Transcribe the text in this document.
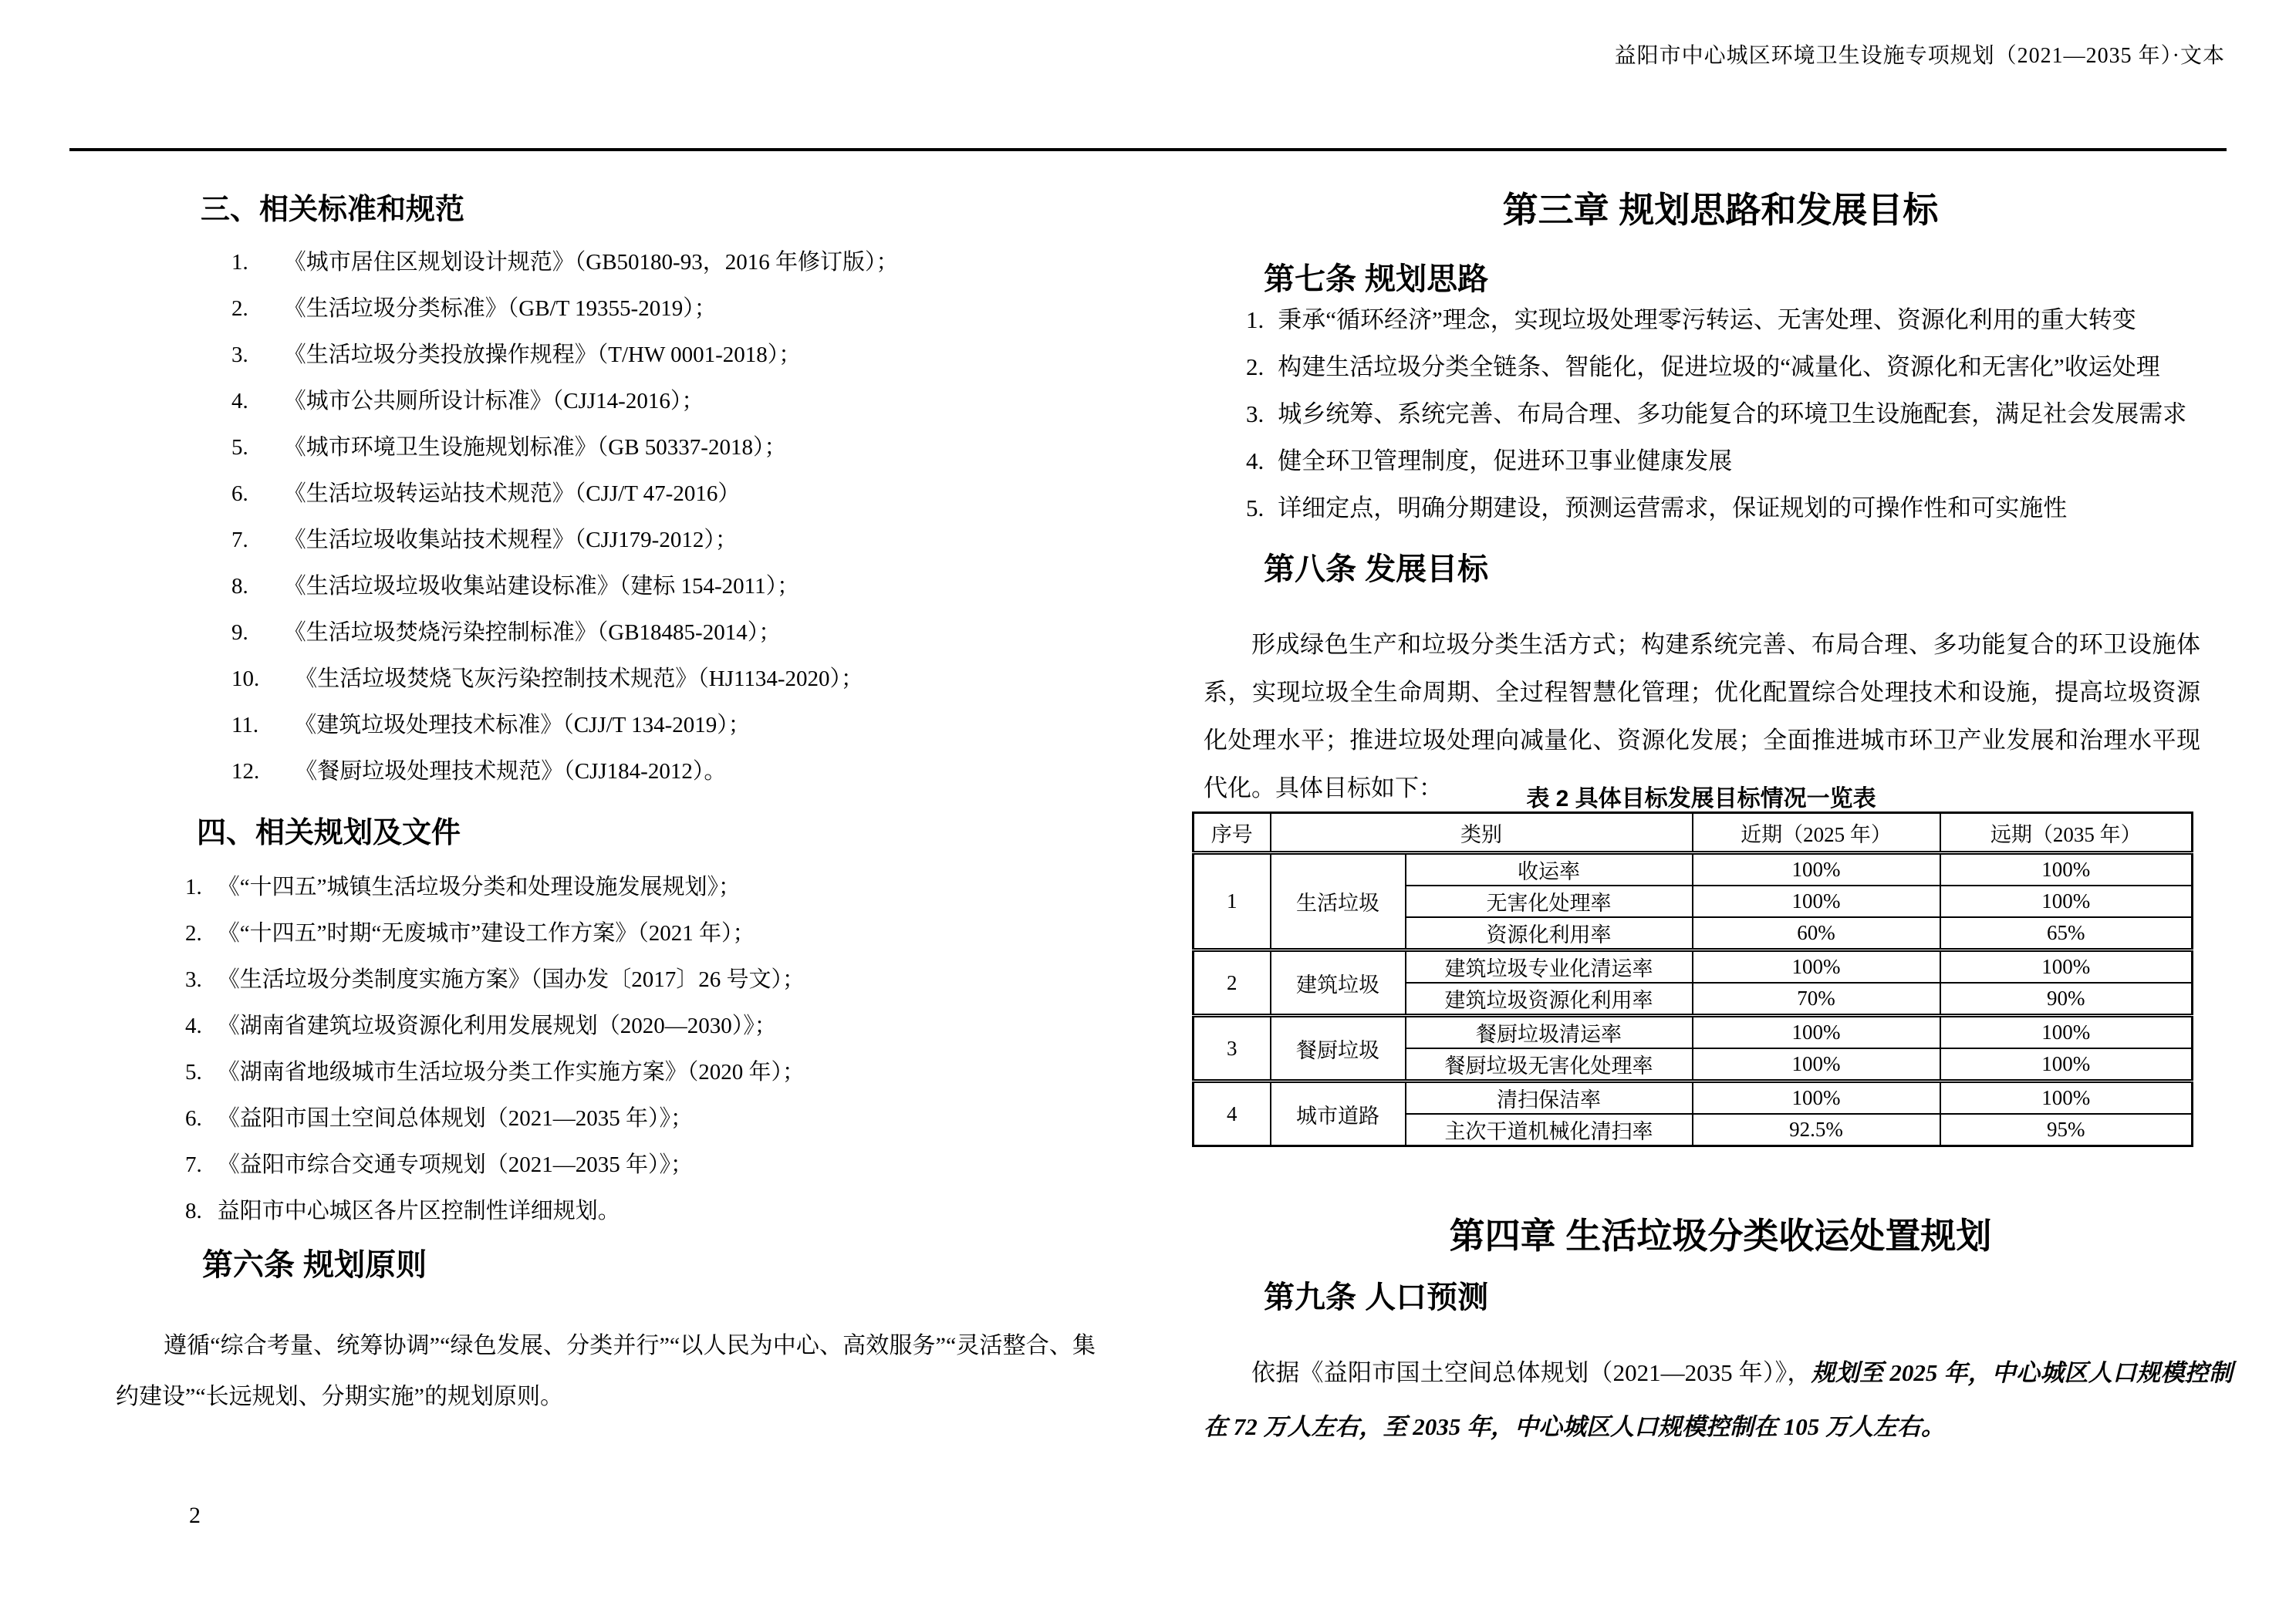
益阳市中心城区环境卫生设施专项规划（2021—2035 年）·文本
三、相关标准和规范
1. 《城市居住区规划设计规范》（GB50180-93，2016 年修订版）；
2. 《生活垃圾分类标准》（GB/T 19355-2019）；
3. 《生活垃圾分类投放操作规程》（T/HW 0001-2018）；
4. 《城市公共厕所设计标准》（CJJ14-2016）；
5. 《城市环境卫生设施规划标准》（GB 50337-2018）；
6. 《生活垃圾转运站技术规范》（CJJ/T 47-2016）
7. 《生活垃圾收集站技术规程》（CJJ179-2012）；
8. 《生活垃圾垃圾收集站建设标准》（建标 154-2011）；
9. 《生活垃圾焚烧污染控制标准》（GB18485-2014）；
10. 《生活垃圾焚烧飞灰污染控制技术规范》（HJ1134-2020）；
11. 《建筑垃圾处理技术标准》（CJJ/T 134-2019）；
12. 《餐厨垃圾处理技术规范》（CJJ184-2012）。
四、相关规划及文件
1. 《“十四五”城镇生活垃圾分类和处理设施发展规划》；
2. 《“十四五”时期“无废城市”建设工作方案》（2021 年）；
3. 《生活垃圾分类制度实施方案》（国办发〔2017〕26 号文）；
4. 《湖南省建筑垃圾资源化利用发展规划（2020—2030）》；
5. 《湖南省地级城市生活垃圾分类工作实施方案》（2020 年）；
6. 《益阳市国土空间总体规划（2021—2035 年）》；
7. 《益阳市综合交通专项规划（2021—2035 年）》；
8. 益阳市中心城区各片区控制性详细规划。
第六条 规划原则

遵循“综合考量、统筹协调”“绿色发展、分类并行”“以人民为中心、高效服务”“灵活整合、集约建设”“长远规划、分期实施”的规划原则。

第三章 规划思路和发展目标
第七条 规划思路
1. 秉承“循环经济”理念，实现垃圾处理零污转运、无害处理、资源化利用的重大转变
2. 构建生活垃圾分类全链条、智能化，促进垃圾的“减量化、资源化和无害化”收运处理
3. 城乡统筹、系统完善、布局合理、多功能复合的环境卫生设施配套，满足社会发展需求
4. 健全环卫管理制度，促进环卫事业健康发展
5. 详细定点，明确分期建设，预测运营需求，保证规划的可操作性和可实施性
第八条 发展目标

形成绿色生产和垃圾分类生活方式；构建系统完善、布局合理、多功能复合的环卫设施体系，实现垃圾全生命周期、全过程智慧化管理；优化配置综合处理技术和设施，提高垃圾资源化处理水平；推进垃圾处理向减量化、资源化发展；全面推进城市环卫产业发展和治理水平现代化。具体目标如下：	表 2 具体目标发展目标情况一览表
序号	类别		近期（2025 年）	远期（2035 年）
1	生活垃圾	收运率	100%	100%
		无害化处理率	100%	100%
		资源化利用率	60%	65%
2	建筑垃圾	建筑垃圾专业化清运率	100%	100%
		建筑垃圾资源化利用率	70%	90%
3	餐厨垃圾	餐厨垃圾清运率	100%	100%
		餐厨垃圾无害化处理率	100%	100%
4	城市道路	清扫保洁率	100%	100%
		主次干道机械化清扫率	92.5%	95%
第四章 生活垃圾分类收运处置规划
第九条 人口预测

依据《益阳市国土空间总体规划（2021—2035 年）》，规划至 2025 年，中心城区人口规模控制在 72 万人左右，至 2035 年，中心城区人口规模控制在 105 万人左右。

2
